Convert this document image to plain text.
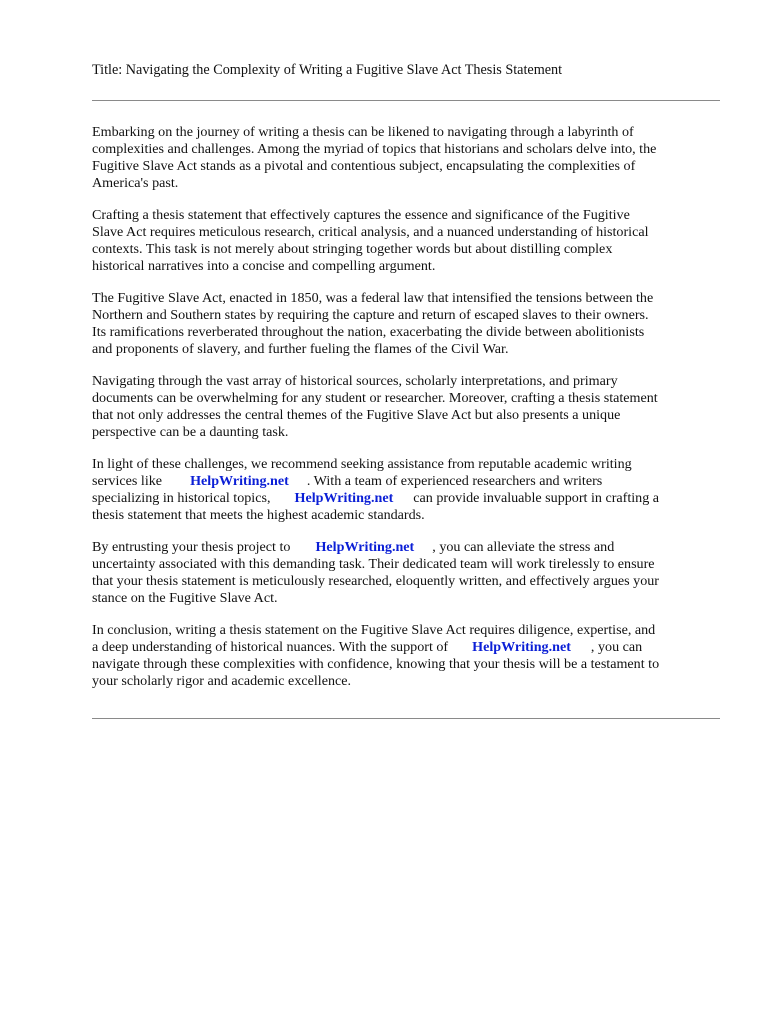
Title: Navigating the Complexity of Writing a Fugitive Slave Act Thesis Statement

Embarking on the journey of writing a thesis can be likened to navigating through a labyrinth of
complexities and challenges. Among the myriad of topics that historians and scholars delve into, the
Fugitive Slave Act stands as a pivotal and contentious subject, encapsulating the complexities of
America's past.

Crafting a thesis statement that effectively captures the essence and significance of the Fugitive
Slave Act requires meticulous research, critical analysis, and a nuanced understanding of historical
contexts. This task is not merely about stringing together words but about distilling complex
historical narratives into a concise and compelling argument.

The Fugitive Slave Act, enacted in 1850, was a federal law that intensified the tensions between the
Northern and Southern states by requiring the capture and return of escaped slaves to their owners.
Its ramifications reverberated throughout the nation, exacerbating the divide between abolitionists
and proponents of slavery, and further fueling the flames of the Civil War.

Navigating through the vast array of historical sources, scholarly interpretations, and primary
documents can be overwhelming for any student or researcher. Moreover, crafting a thesis statement
that not only addresses the central themes of the Fugitive Slave Act but also presents a unique
perspective can be a daunting task.

In light of these challenges, we recommend seeking assistance from reputable academic writing
services like HelpWriting.net . With a team of experienced researchers and writers
specializing in historical topics, HelpWriting.net can provide invaluable support in crafting a
thesis statement that meets the highest academic standards.

By entrusting your thesis project to HelpWriting.net , you can alleviate the stress and
uncertainty associated with this demanding task. Their dedicated team will work tirelessly to ensure
that your thesis statement is meticulously researched, eloquently written, and effectively argues your
stance on the Fugitive Slave Act.

In conclusion, writing a thesis statement on the Fugitive Slave Act requires diligence, expertise, and
a deep understanding of historical nuances. With the support of HelpWriting.net , you can
navigate through these complexities with confidence, knowing that your thesis will be a testament to
your scholarly rigor and academic excellence.
